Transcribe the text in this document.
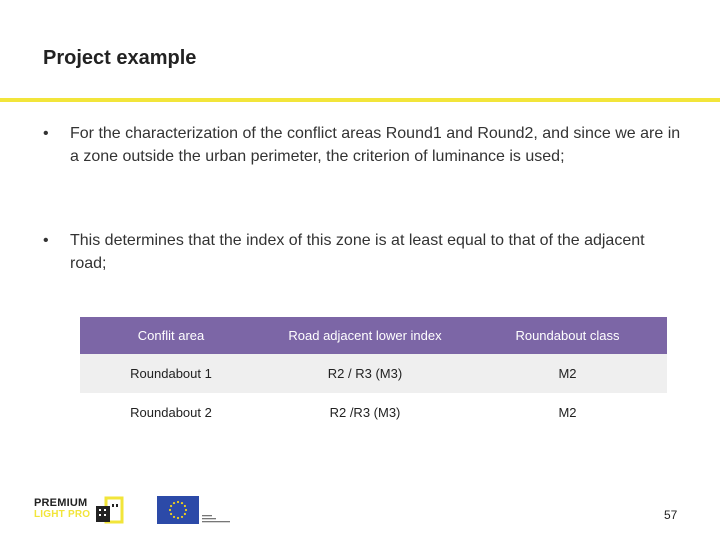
Project example
• For the characterization of the conflict areas Round1 and Round2, and since we are in a zone outside the urban perimeter, the criterion of luminance is used;
• This determines that the index of this zone is at least equal to that of the adjacent road;
Conflit area	Road adjacent lower index	Roundabout class
Roundabout 1	R2 / R3 (M3)	M2
Roundabout 2	R2 /R3 (M3)	M2
PREMIUM
LIGHT PRO	57
